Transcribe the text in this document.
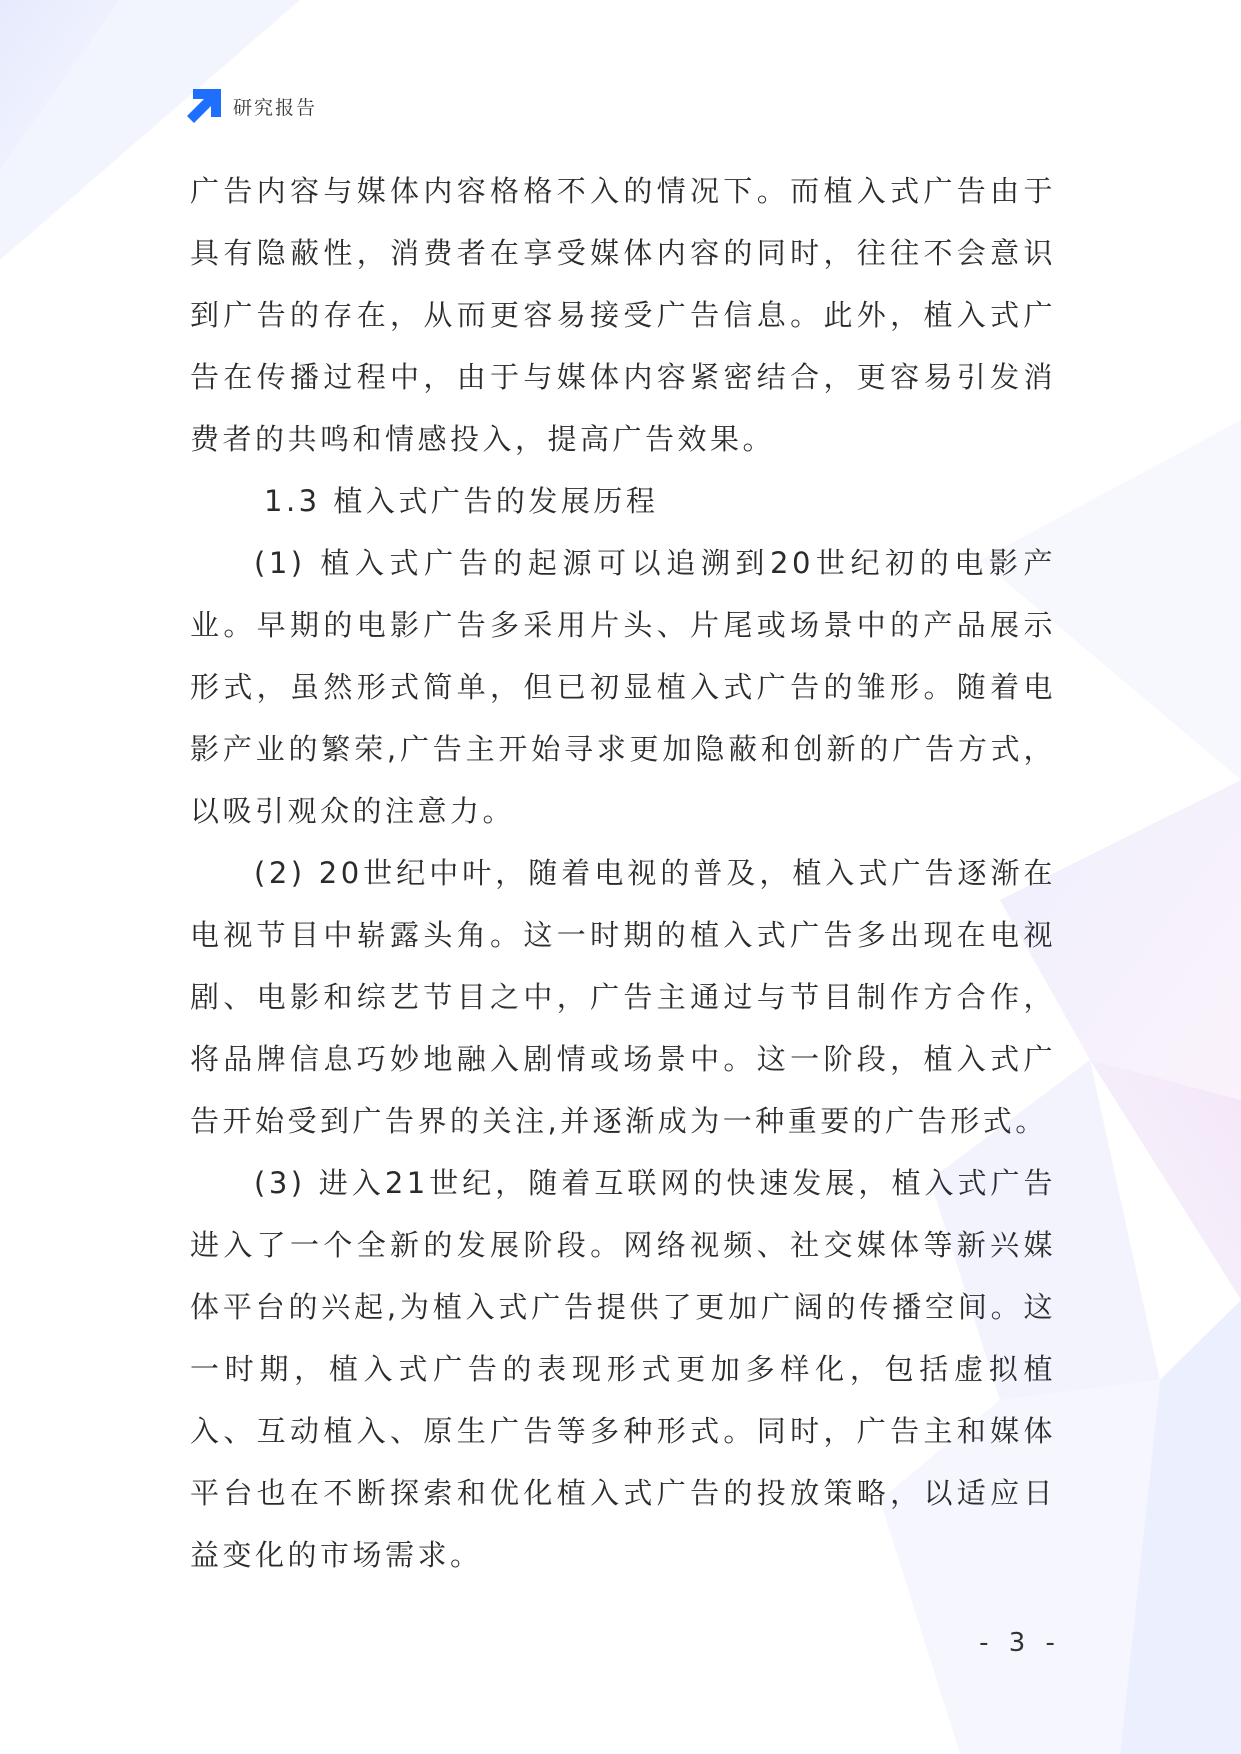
研究报告

广告内容与媒体内容格格不入的情况下。而植入式广告由于具有隐蔽性，消费者在享受媒体内容的同时，往往不会意识到广告的存在，从而更容易接受广告信息。此外，植入式广告在传播过程中，由于与媒体内容紧密结合，更容易引发消费者的共鸣和情感投入，提高广告效果。

1.3 植入式广告的发展历程

(1) 植入式广告的起源可以追溯到20世纪初的电影产业。早期的电影广告多采用片头、片尾或场景中的产品展示形式，虽然形式简单，但已初显植入式广告的雏形。随着电影产业的繁荣,广告主开始寻求更加隐蔽和创新的广告方式，以吸引观众的注意力。

(2) 20世纪中叶，随着电视的普及，植入式广告逐渐在电视节目中崭露头角。这一时期的植入式广告多出现在电视剧、电影和综艺节目之中，广告主通过与节目制作方合作，将品牌信息巧妙地融入剧情或场景中。这一阶段，植入式广告开始受到广告界的关注,并逐渐成为一种重要的广告形式。

(3) 进入21世纪，随着互联网的快速发展，植入式广告进入了一个全新的发展阶段。网络视频、社交媒体等新兴媒体平台的兴起,为植入式广告提供了更加广阔的传播空间。这一时期，植入式广告的表现形式更加多样化，包括虚拟植入、互动植入、原生广告等多种形式。同时，广告主和媒体平台也在不断探索和优化植入式广告的投放策略，以适应日益变化的市场需求。

- 3 -
